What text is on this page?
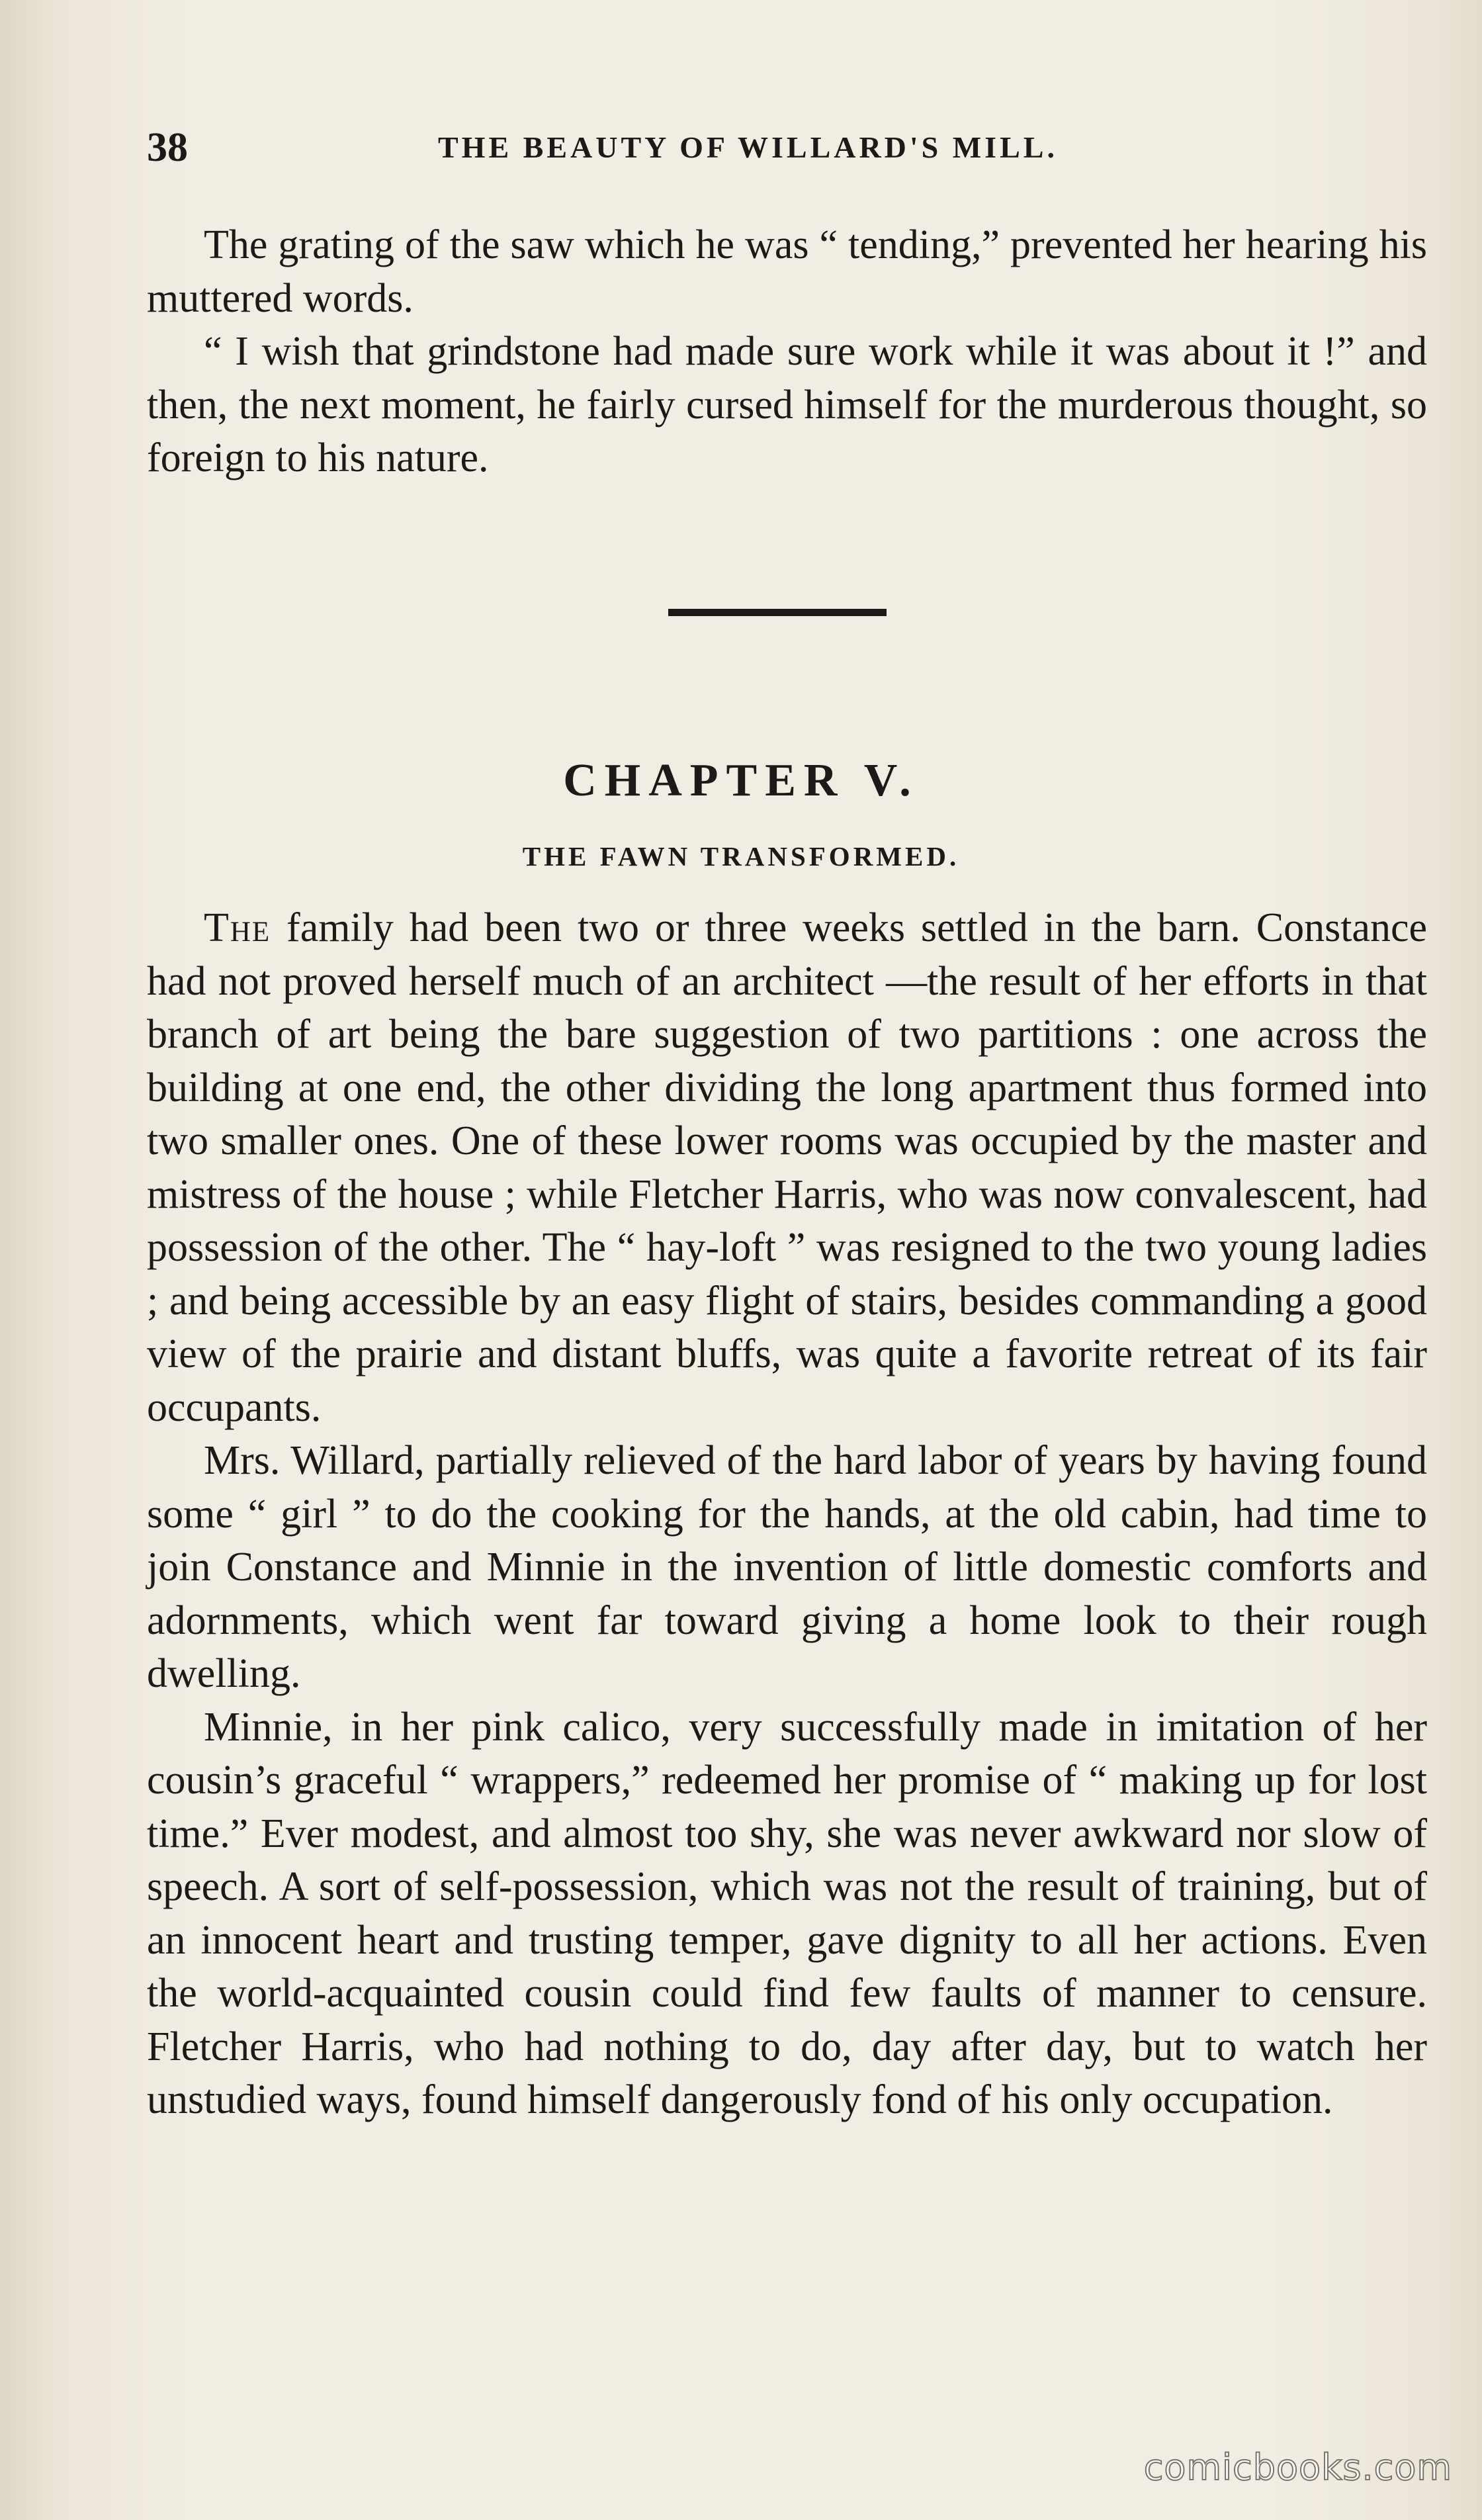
38	THE BEAUTY OF WILLARD'S MILL.

The grating of the saw which he was “ tending,” prevented her hearing his muttered words.

“ I wish that grindstone had made sure work while it was about it !” and then, the next moment, he fairly cursed himself for the murderous thought, so foreign to his nature.

CHAPTER V.
THE FAWN TRANSFORMED.

The family had been two or three weeks settled in the barn. Constance had not proved herself much of an architect —the result of her efforts in that branch of art being the bare suggestion of two partitions : one across the building at one end, the other dividing the long apartment thus formed into two smaller ones. One of these lower rooms was occupied by the master and mistress of the house ; while Fletcher Harris, who was now convalescent, had possession of the other. The “ hay-loft ” was resigned to the two young ladies ; and being accessible by an easy flight of stairs, besides commanding a good view of the prairie and distant bluffs, was quite a favorite retreat of its fair occupants.

Mrs. Willard, partially relieved of the hard labor of years by having found some “ girl ” to do the cooking for the hands, at the old cabin, had time to join Constance and Minnie in the invention of little domestic comforts and adornments, which went far toward giving a home look to their rough dwelling.

Minnie, in her pink calico, very successfully made in imitation of her cousin’s graceful “ wrappers,” redeemed her promise of “ making up for lost time.” Ever modest, and almost too shy, she was never awkward nor slow of speech. A sort of self-possession, which was not the result of training, but of an innocent heart and trusting temper, gave dignity to all her actions. Even the world-acquainted cousin could find few faults of manner to censure. Fletcher Harris, who had nothing to do, day after day, but to watch her unstudied ways, found himself dangerously fond of his only occupation.

comicbooks.com
